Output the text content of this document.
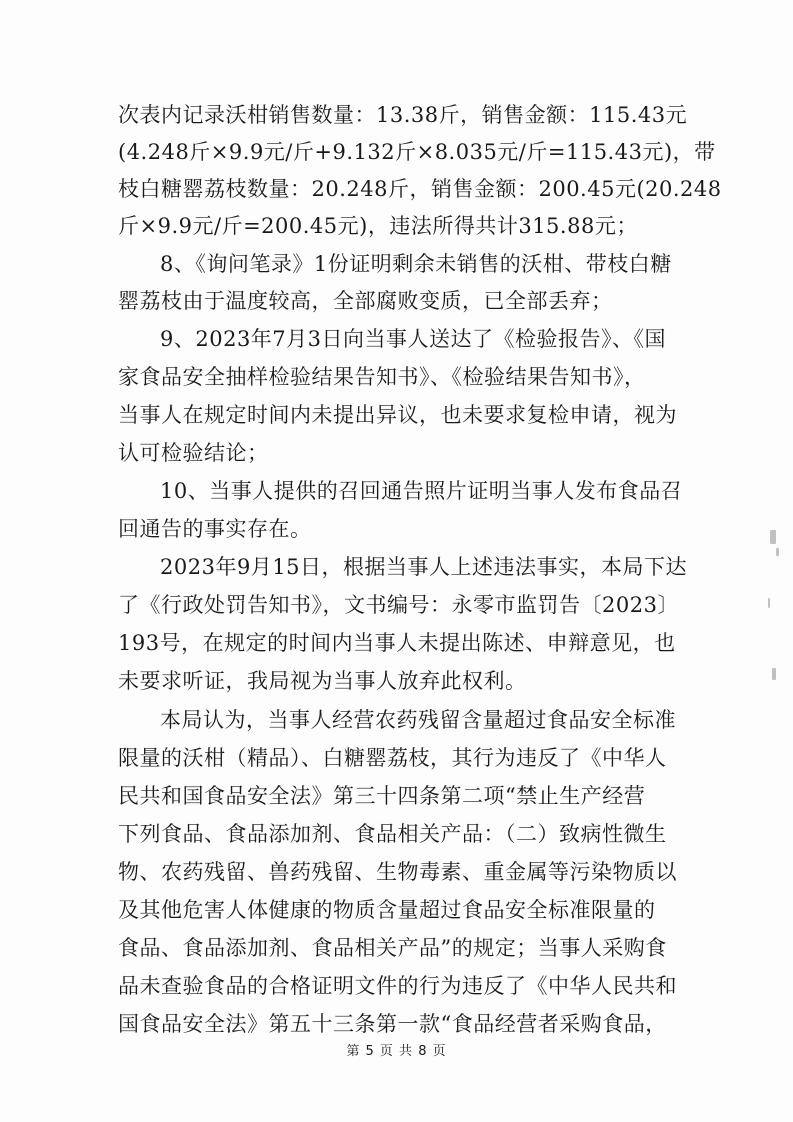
次表内记录沃柑销售数量：13.38斤，销售金额：115.43元
(4.248斤×9.9元/斤+9.132斤×8.035元/斤=115.43元)，带
枝白糖罂荔枝数量：20.248斤，销售金额：200.45元(20.248
斤×9.9元/斤=200.45元)，违法所得共计315.88元；
8、《询问笔录》1份证明剩余未销售的沃柑、带枝白糖
罂荔枝由于温度较高，全部腐败变质，已全部丢弃；
9、2023年7月3日向当事人送达了《检验报告》、《国
家食品安全抽样检验结果告知书》、《检验结果告知书》，
当事人在规定时间内未提出异议，也未要求复检申请，视为
认可检验结论；
10、当事人提供的召回通告照片证明当事人发布食品召
回通告的事实存在。
2023年9月15日，根据当事人上述违法事实，本局下达
了《行政处罚告知书》，文书编号：永零市监罚告〔2023〕
193号，在规定的时间内当事人未提出陈述、申辩意见，也
未要求听证，我局视为当事人放弃此权利。
本局认为，当事人经营农药残留含量超过食品安全标准
限量的沃柑（精品）、白糖罂荔枝，其行为违反了《中华人
民共和国食品安全法》第三十四条第二项“禁止生产经营
下列食品、食品添加剂、食品相关产品：（二）致病性微生
物、农药残留、兽药残留、生物毒素、重金属等污染物质以
及其他危害人体健康的物质含量超过食品安全标准限量的
食品、食品添加剂、食品相关产品”的规定；当事人采购食
品未查验食品的合格证明文件的行为违反了《中华人民共和
国食品安全法》第五十三条第一款“食品经营者采购食品，
第 5 页 共 8 页
